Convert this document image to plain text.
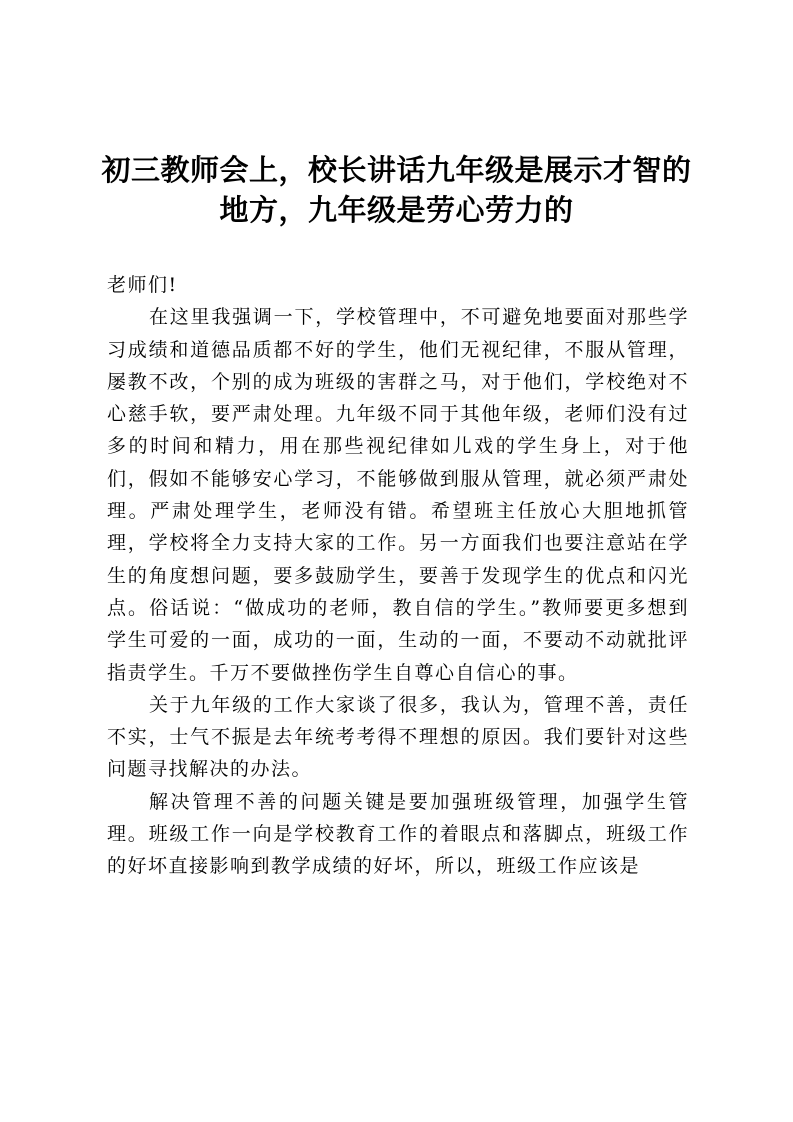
初三教师会上，校长讲话九年级是展示才智的地方，九年级是劳心劳力的

老师们!

在这里我强调一下，学校管理中，不可避免地要面对那些学习成绩和道德品质都不好的学生，他们无视纪律，不服从管理，屡教不改，个别的成为班级的害群之马，对于他们，学校绝对不心慈手软，要严肃处理。九年级不同于其他年级，老师们没有过多的时间和精力，用在那些视纪律如儿戏的学生身上，对于他们，假如不能够安心学习，不能够做到服从管理，就必须严肃处理。严肃处理学生，老师没有错。希望班主任放心大胆地抓管理，学校将全力支持大家的工作。另一方面我们也要注意站在学生的角度想问题，要多鼓励学生，要善于发现学生的优点和闪光点。俗话说：“做成功的老师，教自信的学生。”教师要更多想到学生可爱的一面，成功的一面，生动的一面，不要动不动就批评指责学生。千万不要做挫伤学生自尊心自信心的事。

关于九年级的工作大家谈了很多，我认为，管理不善，责任不实，士气不振是去年统考考得不理想的原因。我们要针对这些问题寻找解决的办法。

解决管理不善的问题关键是要加强班级管理，加强学生管理。班级工作一向是学校教育工作的着眼点和落脚点，班级工作的好坏直接影响到教学成绩的好坏，所以，班级工作应该是
